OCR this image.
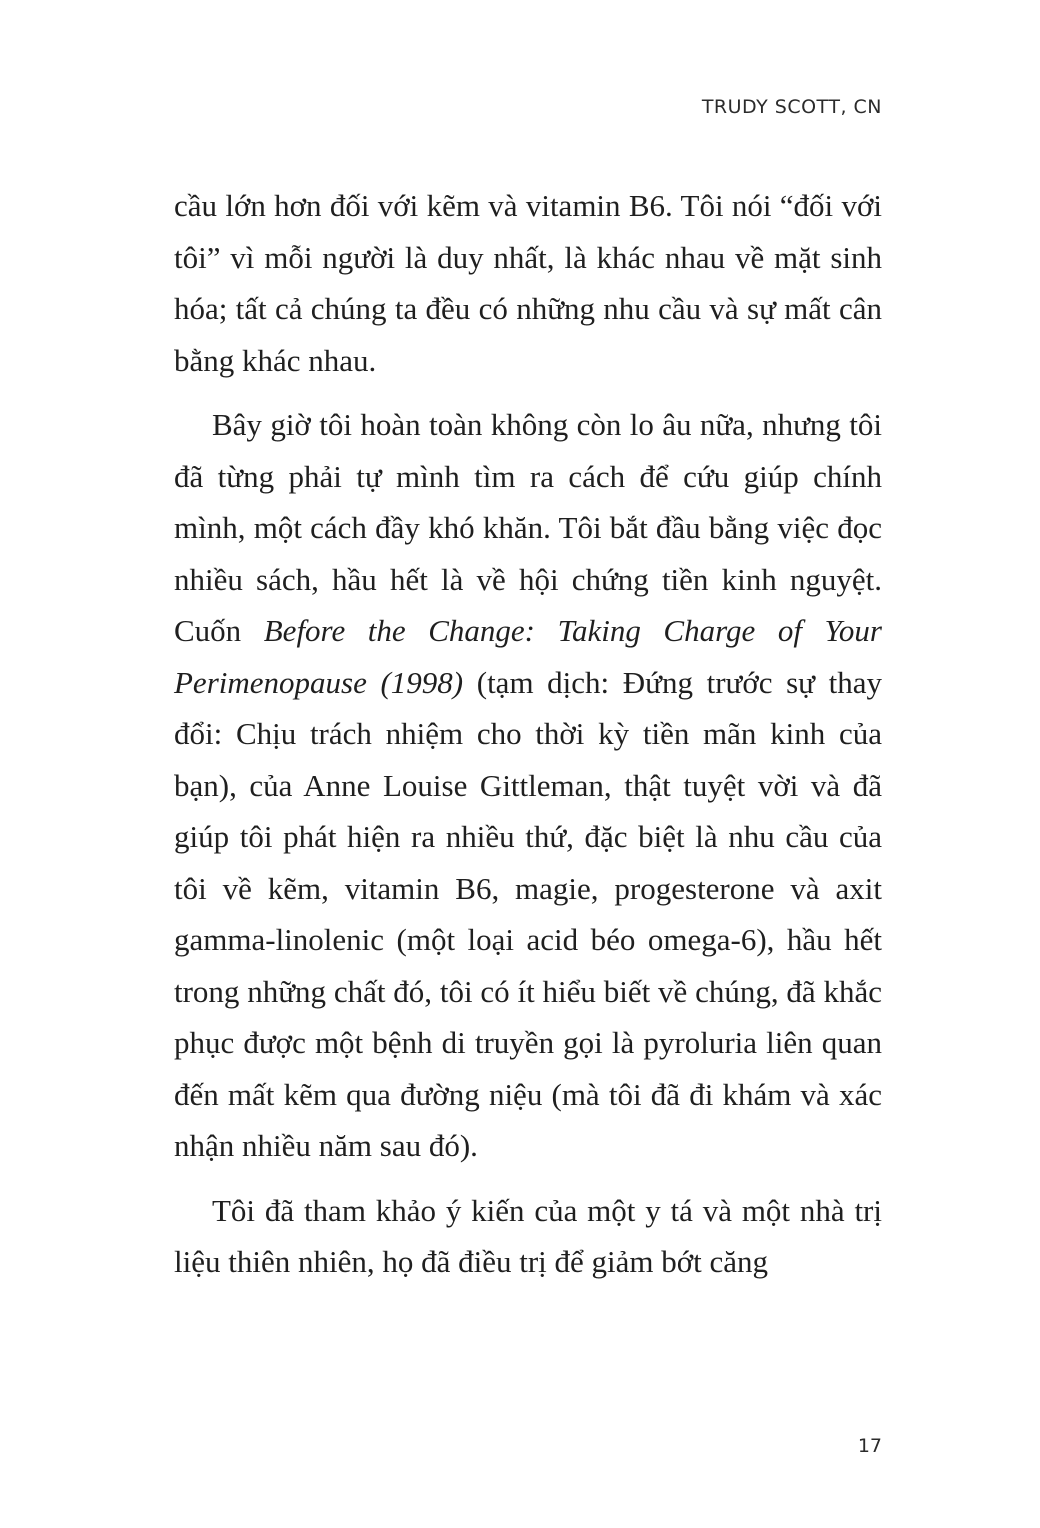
TRUDY SCOTT, CN

cầu lớn hơn đối với kẽm và vitamin B6. Tôi nói “đối với tôi” vì mỗi người là duy nhất, là khác nhau về mặt sinh hóa; tất cả chúng ta đều có những nhu cầu và sự mất cân bằng khác nhau.

Bây giờ tôi hoàn toàn không còn lo âu nữa, nhưng tôi đã từng phải tự mình tìm ra cách để cứu giúp chính mình, một cách đầy khó khăn. Tôi bắt đầu bằng việc đọc nhiều sách, hầu hết là về hội chứng tiền kinh nguyệt. Cuốn Before the Change: Taking Charge of Your Perimenopause (1998) (tạm dịch: Đứng trước sự thay đổi: Chịu trách nhiệm cho thời kỳ tiền mãn kinh của bạn), của Anne Louise Gittleman, thật tuyệt vời và đã giúp tôi phát hiện ra nhiều thứ, đặc biệt là nhu cầu của tôi về kẽm, vitamin B6, magie, progesterone và axit gamma-linolenic (một loại acid béo omega-6), hầu hết trong những chất đó, tôi có ít hiểu biết về chúng, đã khắc phục được một bệnh di truyền gọi là pyroluria liên quan đến mất kẽm qua đường niệu (mà tôi đã đi khám và xác nhận nhiều năm sau đó).

Tôi đã tham khảo ý kiến của một y tá và một nhà trị liệu thiên nhiên, họ đã điều trị để giảm bớt căng

17
